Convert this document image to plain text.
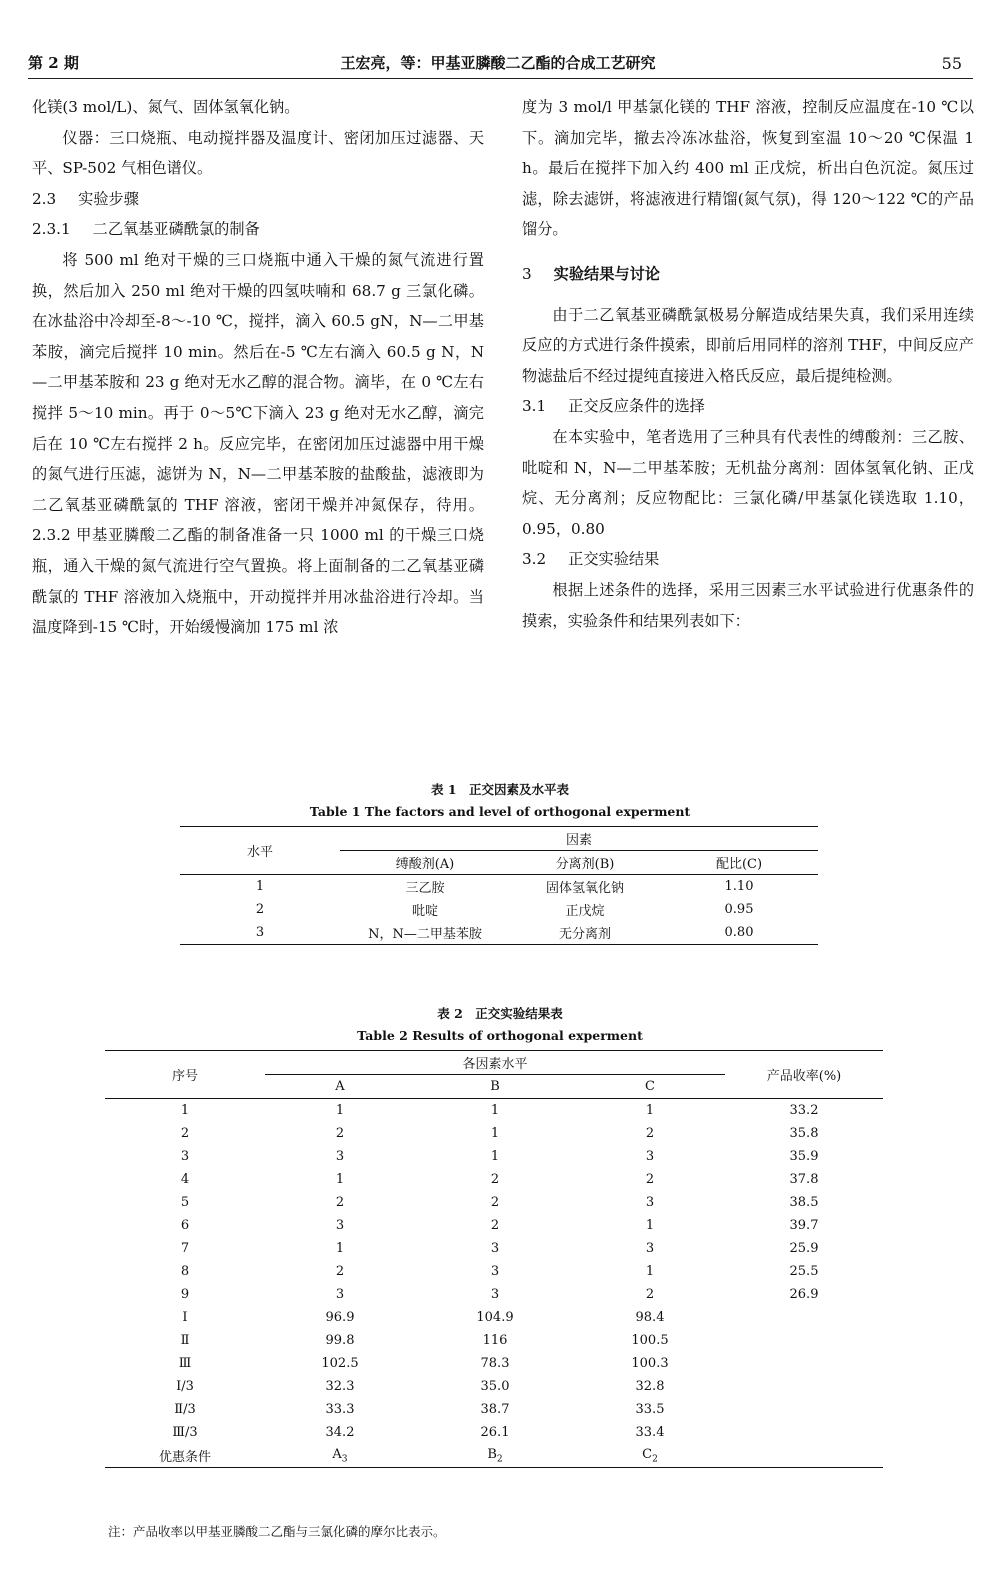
第 2 期	王宏亮，等：甲基亚膦酸二乙酯的合成工艺研究	55

化镁(3 mol/L)、氮气、固体氢氧化钠。

仪器：三口烧瓶、电动搅拌器及温度计、密闭加压过滤器、天平、SP-502 气相色谱仪。

2.3 实验步骤

2.3.1 二乙氧基亚磷酰氯的制备

将 500 ml 绝对干燥的三口烧瓶中通入干燥的氮气流进行置换，然后加入 250 ml 绝对干燥的四氢呋喃和 68.7 g 三氯化磷。在冰盐浴中冷却至-8～-10 ℃，搅拌，滴入 60.5 gN，N—二甲基苯胺，滴完后搅拌 10 min。然后在-5 ℃左右滴入 60.5 g N，N—二甲基苯胺和 23 g 绝对无水乙醇的混合物。滴毕，在 0 ℃左右搅拌 5～10 min。再于 0～5℃下滴入 23 g 绝对无水乙醇，滴完后在 10 ℃左右搅拌 2 h。反应完毕，在密闭加压过滤器中用干燥的氮气进行压滤，滤饼为 N，N—二甲基苯胺的盐酸盐，滤液即为二乙氧基亚磷酰氯的 THF 溶液，密闭干燥并冲氮保存，待用。2.3.2 甲基亚膦酸二乙酯的制备准备一只 1000 ml 的干燥三口烧瓶，通入干燥的氮气流进行空气置换。将上面制备的二乙氧基亚磷酰氯的 THF 溶液加入烧瓶中，开动搅拌并用冰盐浴进行冷却。当温度降到-15 ℃时，开始缓慢滴加 175 ml 浓

度为 3 mol/l 甲基氯化镁的 THF 溶液，控制反应温度在-10 ℃以下。滴加完毕，撤去冷冻冰盐浴，恢复到室温 10～20 ℃保温 1 h。最后在搅拌下加入约 400 ml 正戊烷，析出白色沉淀。氮压过滤，除去滤饼，将滤液进行精馏(氮气氛)，得 120～122 ℃的产品馏分。

3 实验结果与讨论

由于二乙氧基亚磷酰氯极易分解造成结果失真，我们采用连续反应的方式进行条件摸索，即前后用同样的溶剂 THF，中间反应产物滤盐后不经过提纯直接进入格氏反应，最后提纯检测。

3.1 正交反应条件的选择

在本实验中，笔者选用了三种具有代表性的缚酸剂：三乙胺、吡啶和 N，N—二甲基苯胺；无机盐分离剂：固体氢氧化钠、正戊烷、无分离剂；反应物配比：三氯化磷/甲基氯化镁选取 1.10，0.95，0.80

3.2 正交实验结果

根据上述条件的选择，采用三因素三水平试验进行优惠条件的摸索，实验条件和结果列表如下：

表 1　正交因素及水平表
Table 1 The factors and level of orthogonal experment
水平	因素		
	缚酸剂(A)	分离剂(B)	配比(C)
1	三乙胺	固体氢氧化钠	1.10
2	吡啶	正戊烷	0.95
3	N，N—二甲基苯胺	无分离剂	0.80
表 2　正交实验结果表
Table 2 Results of orthogonal experment
序号	各因素水平			产品收率(%)
	A	B	C	
1	1	1	1	33.2
2	2	1	2	35.8
3	3	1	3	35.9
4	1	2	2	37.8
5	2	2	3	38.5
6	3	2	1	39.7
7	1	3	3	25.9
8	2	3	1	25.5
9	3	3	2	26.9
Ⅰ	96.9	104.9	98.4	
Ⅱ	99.8	116	100.5	
Ⅲ	102.5	78.3	100.3	
Ⅰ/3	32.3	35.0	32.8	
Ⅱ/3	33.3	38.7	33.5	
Ⅲ/3	34.2	26.1	33.4	
优惠条件	$A_3$	$B_2$	$C_2$	
注：产品收率以甲基亚膦酸二乙酯与三氯化磷的摩尔比表示。
